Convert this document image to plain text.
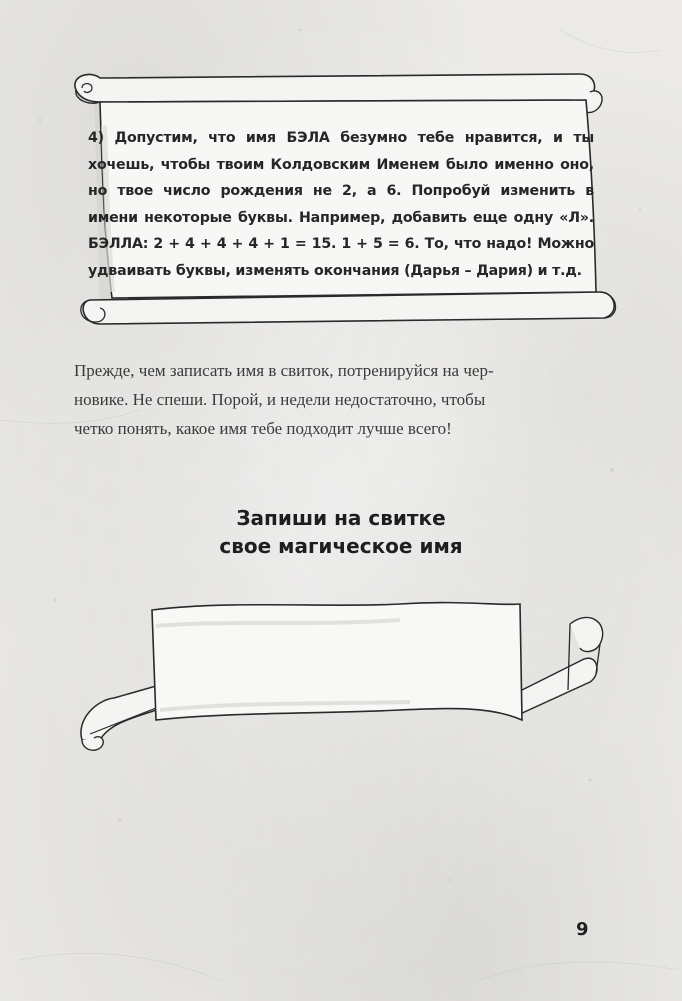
4) Допустим, что имя БЭЛА безумно тебе нравится, и ты хочешь, чтобы твоим Колдовским Именем было именно оно, но твое число рождения не 2, а 6. Попробуй изменить в имени некоторые буквы. Например, добавить еще одну «Л». БЭЛЛА: 2 + 4 + 4 + 4 + 1 = 15. 1 + 5 = 6. То, что надо! Можно удваивать буквы, изменять окончания (Дарья – Дария) и т.д.
Прежде, чем записать имя в свиток, потренируйся на чер-
новике. Не спеши. Порой, и недели недостаточно, чтобы
четко понять, какое имя тебе подходит лучше всего!
Запиши на свитке
свое магическое имя
9
